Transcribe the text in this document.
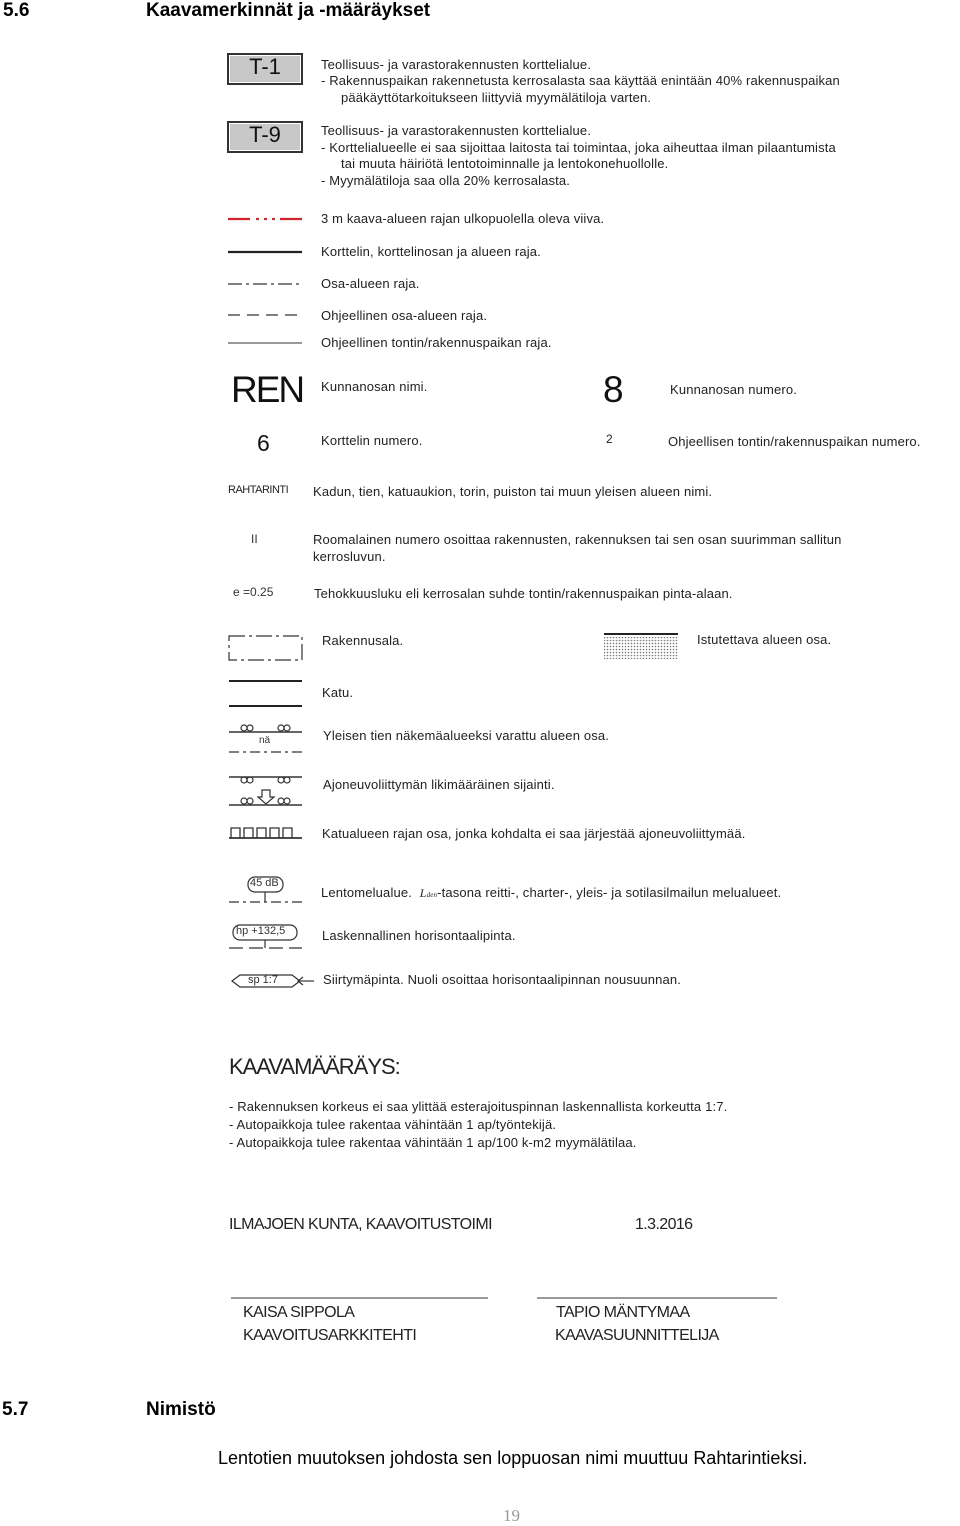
5.6	Kaavamerkinnät ja -määräykset
T-1	Teollisuus- ja varastorakennusten korttelialue.
- Rakennuspaikan rakennetusta kerrosalasta saa käyttää enintään 40% rakennuspaikan
pääkäyttötarkoitukseen liittyviä myymälätiloja varten.
T-9	Teollisuus- ja varastorakennusten korttelialue.
- Korttelialueelle ei saa sijoittaa laitosta tai toimintaa, joka aiheuttaa ilman pilaantumista
tai muuta häiriötä lentotoiminnalle ja lentokonehuollolle.
- Myymälätiloja saa olla 20% kerrosalasta.
3 m kaava-alueen rajan ulkopuolella oleva viiva.
Korttelin, korttelinosan ja alueen raja.
Osa-alueen raja.
Ohjeellinen osa-alueen raja.
Ohjeellinen tontin/rakennuspaikan raja.
REN Kunnanosan nimi.	8	Kunnanosan numero.
6	Korttelin numero.	2	Ohjeellisen tontin/rakennuspaikan numero.
RAHTARINTI Kadun, tien, katuaukion, torin, puiston tai muun yleisen alueen nimi.
II	Roomalainen numero osoittaa rakennusten, rakennuksen tai sen osan suurimman sallitun
kerrosluvun.
e =0.25	Tehokkuusluku eli kerrosalan suhde tontin/rakennuspaikan pinta-alaan.
Rakennusala.	Istutettava alueen osa.
Katu.
nä	Yleisen tien näkemäalueeksi varattu alueen osa.
Ajoneuvoliittymän likimääräinen sijainti.
Katualueen rajan osa, jonka kohdalta ei saa järjestää ajoneuvoliittymää.
45 dB
Lentomelualue. Lden-tasona reitti-, charter-, yleis- ja sotilasilmailun melualueet.
hp +132,5	Laskennallinen horisontaalipinta.
sp 1:7	Siirtymäpinta. Nuoli osoittaa horisontaalipinnan nousuunnan.
KAAVAMÄÄRÄYS:
- Rakennuksen korkeus ei saa ylittää esterajoituspinnan laskennallista korkeutta 1:7.
- Autopaikkoja tulee rakentaa vähintään 1 ap/työntekijä.
- Autopaikkoja tulee rakentaa vähintään 1 ap/100 k-m2 myymälätilaa.
ILMAJOEN KUNTA, KAAVOITUSTOIMI	1.3.2016
KAISA SIPPOLA
KAAVOITUSARKKITEHTI
TAPIO MÄNTYMAA
KAAVASUUNNITTELIJA
5.7	Nimistö
Lentotien muutoksen johdosta sen loppuosan nimi muuttuu Rahtarintieksi.
19
